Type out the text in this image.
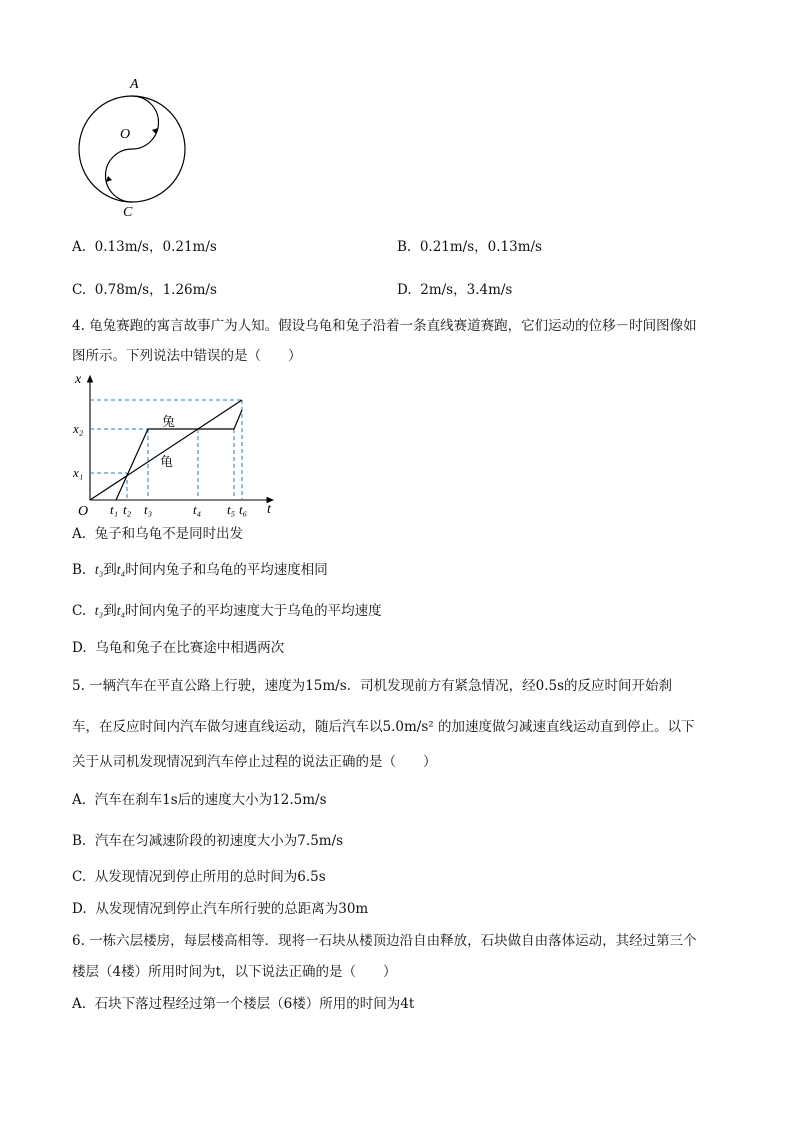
A
O
C
A. 0.13m/s，0.21m/s	B. 0.21m/s，0.13m/s
C. 0.78m/s，1.26m/s	D. 2m/s，3.4m/s
4. 龟兔赛跑的寓言故事广为人知。假设乌龟和兔子沿着一条直线赛道赛跑，它们运动的位移－时间图像如
图所示。下列说法中错误的是（　　）
x
t
O
兔
龟
x₂
x₁
t₁ t₂ t₃	t₄ t₅ t₆
A. 兔子和乌龟不是同时出发
B. t₃到t₄时间内兔子和乌龟的平均速度相同
C. t₃到t₄时间内兔子的平均速度大于乌龟的平均速度
D. 乌龟和兔子在比赛途中相遇两次
5. 一辆汽车在平直公路上行驶，速度为15m/s．司机发现前方有紧急情况，经0.5s的反应时间开始刹
车，在反应时间内汽车做匀速直线运动，随后汽车以5.0m/s² 的加速度做匀减速直线运动直到停止。以下
关于从司机发现情况到汽车停止过程的说法正确的是（　　）
A. 汽车在刹车1s后的速度大小为12.5m/s
B. 汽车在匀减速阶段的初速度大小为7.5m/s
C. 从发现情况到停止所用的总时间为6.5s
D. 从发现情况到停止汽车所行驶的总距离为30m
6. 一栋六层楼房，每层楼高相等．现将一石块从楼顶边沿自由释放，石块做自由落体运动，其经过第三个
楼层（4楼）所用时间为t，以下说法正确的是（　　）
A. 石块下落过程经过第一个楼层（6楼）所用的时间为4t
